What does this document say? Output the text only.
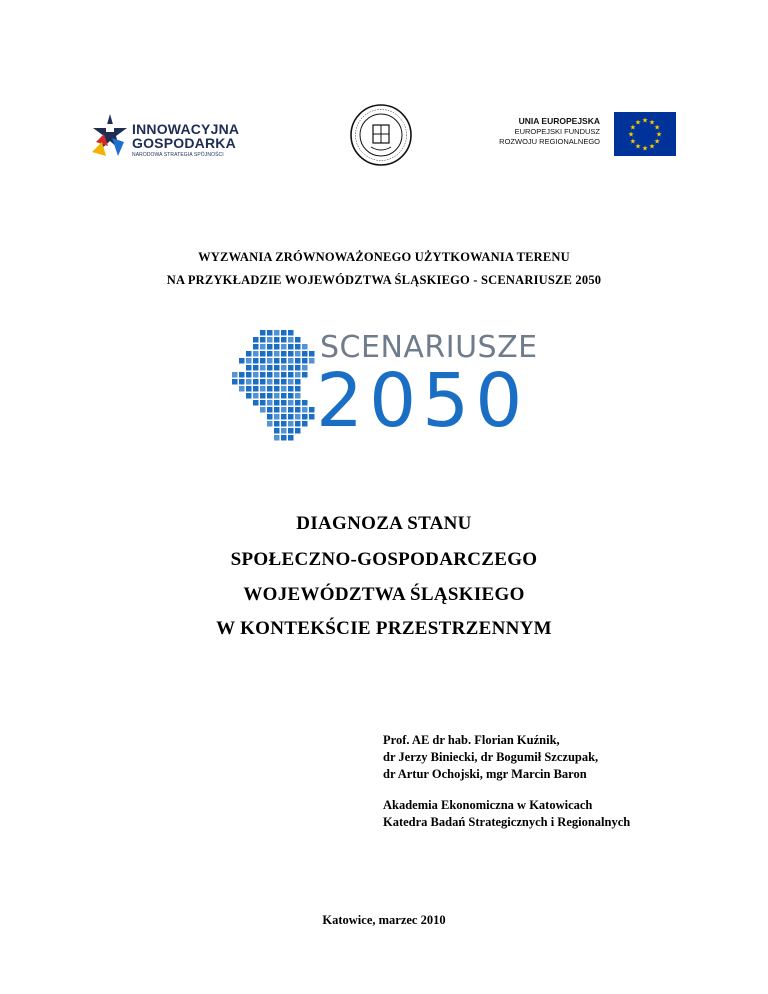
INNOWACYJNA
GOSPODARKA
NARODOWA STRATEGIA SPÓJNOŚCI
UNIA EUROPEJSKA
EUROPEJSKI FUNDUSZ
ROZWOJU REGIONALNEGO
★ ★
★
★
★
★
★
★
★
★
★
★
WYZWANIA ZRÓWNOWAŻONEGO UŻYTKOWANIA TERENU
NA PRZYKŁADZIE WOJEWÓDZTWA ŚLĄSKIEGO - SCENARIUSZE 2050
SCENARIUSZE
2050
DIAGNOZA STANU
SPOŁECZNO-GOSPODARCZEGO
WOJEWÓDZTWA ŚLĄSKIEGO
W KONTEKŚCIE PRZESTRZENNYM
Prof. AE dr hab. Florian Kuźnik,
dr Jerzy Biniecki, dr Bogumił Szczupak,
dr Artur Ochojski, mgr Marcin Baron
Akademia Ekonomiczna w Katowicach
Katedra Badań Strategicznych i Regionalnych
Katowice, marzec 2010
